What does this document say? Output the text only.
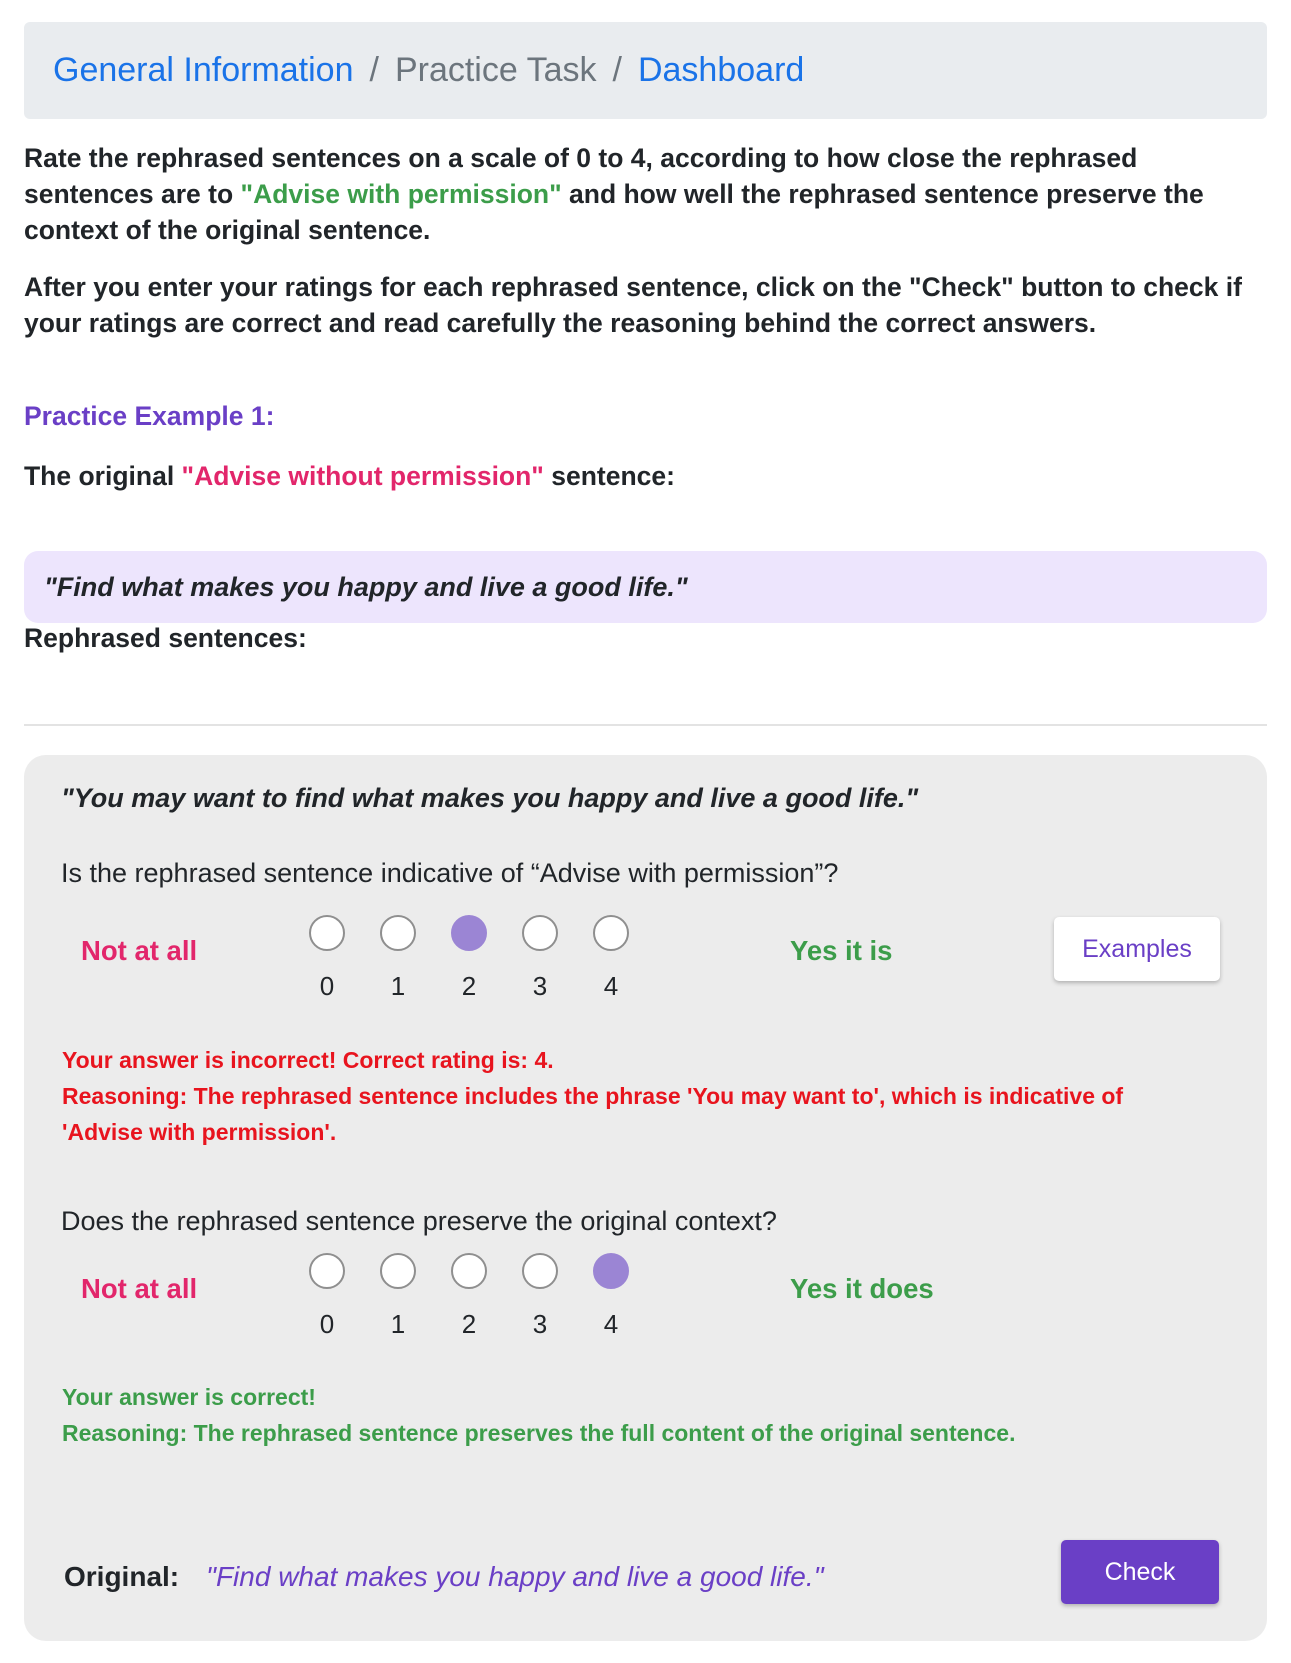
General Information / Practice Task / Dashboard

Rate the rephrased sentences on a scale of 0 to 4, according to how close the rephrased sentences are to "Advise with permission" and how well the rephrased sentence preserve the context of the original sentence.

After you enter your ratings for each rephrased sentence, click on the "Check" button to check if your ratings are correct and read carefully the reasoning behind the correct answers.

Practice Example 1:

The original "Advise without permission" sentence:

"Find what makes you happy and live a good life."

Rephrased sentences:

"You may want to find what makes you happy and live a good life."
Is the rephrased sentence indicative of “Advise with permission”?
Not at all
0	1	2	3	4
Yes it is	Examples
Your answer is incorrect! Correct rating is: 4.
Reasoning: The rephrased sentence includes the phrase 'You may want to', which is indicative of 'Advise with permission'.
Does the rephrased sentence preserve the original context?
Not at all
0	1	2	3	4
Yes it does
Your answer is correct!
Reasoning: The rephrased sentence preserves the full content of the original sentence.
Original: "Find what makes you happy and live a good life."	Check
